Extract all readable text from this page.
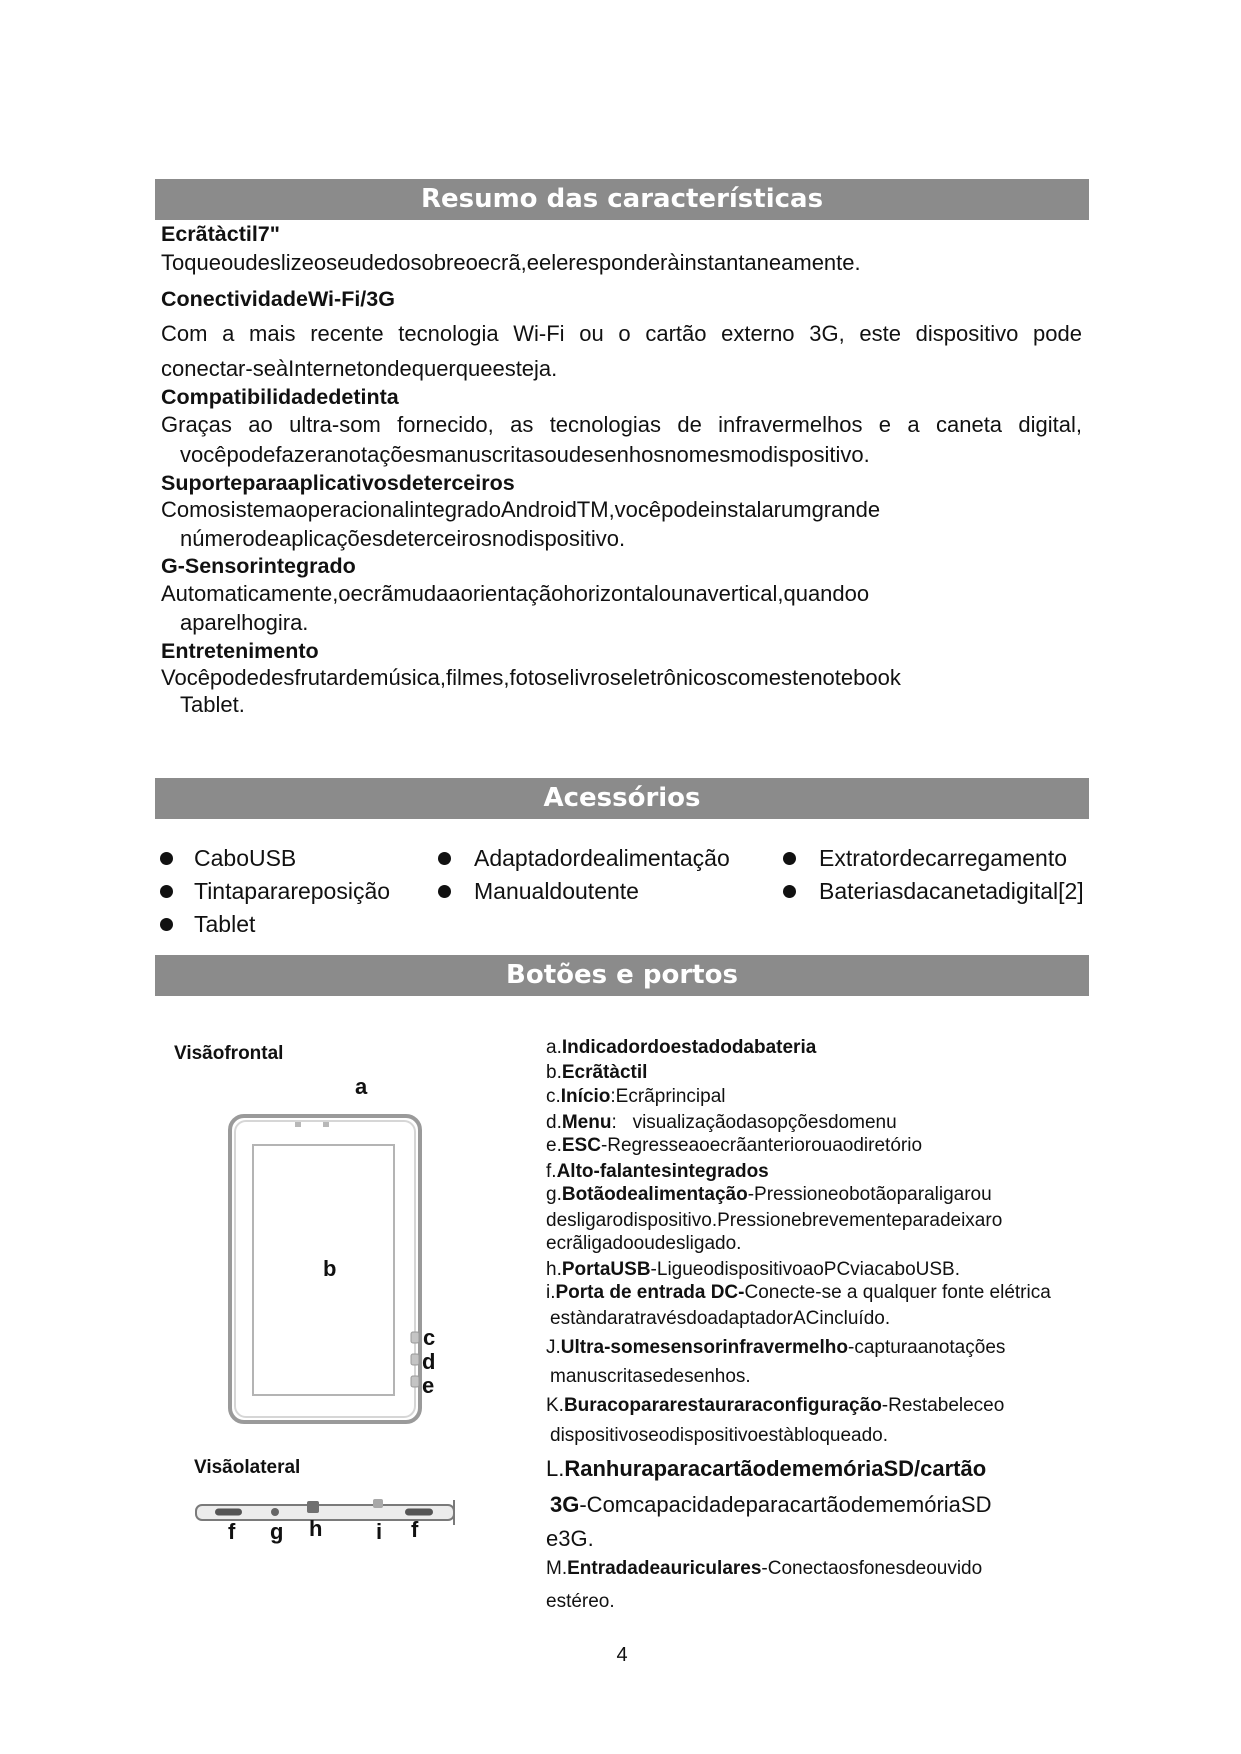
Resumo das características
Ecrãtàctil7"
Toqueoudeslizeoseudedosobreoecrã,eeleresponderàinstantaneamente.
ConectividadeWi-Fi/3G
Com a mais recente tecnologia Wi-Fi ou o cartão externo 3G, este dispositivo pode
conectar-seàInternetondequerqueesteja.
Compatibilidadedetinta
Graças ao ultra-som fornecido, as tecnologias de infravermelhos e a caneta digital,
vocêpodefazeranotaçõesmanuscritasoudesenhosnomesmodispositivo.
Suporteparaaplicativosdeterceiros
ComosistemaoperacionalintegradoAndroidTM,vocêpodeinstalarumgrande
númerodeaplicaçõesdeterceirosnodispositivo.
G-Sensorintegrado
Automaticamente,oecrãmudaaorientaçãohorizontalounavertical,quandoo
aparelhogira.
Entretenimento
Vocêpodedesfrutardemúsica,filmes,fotoselivroseletrônicoscomestenotebook
Tablet.
Acessórios
CaboUSB	Adaptadordealimentação	Extratordecarregamento
Tintaparareposição	Manualdoutente	Bateriasdacanetadigital[2]
Tablet
Botões e portos
Visãofrontal
a
b
c
d
e
Visãolateral
f g h i f
a.Indicadordoestadodabateria
b.Ecrãtàctil
c.Início:Ecrãprincipal
d.Menu:   visualizaçãodasopçõesdomenu
e.ESC-Regresseaoecrãanteriorouaodiretório
f.Alto-falantesintegrados
g.Botãodealimentação-Pressioneobotãoparaligarou
desligarodispositivo.Pressionebrevementeparadeixaro
ecrãligadooudesligado.
h.PortaUSB-LigueodispositivoaoPCviacaboUSB.
i.Porta de entrada DC-Conecte-se a qualquer fonte elétrica
estàndaratravésdoadaptadorACincluído.
J.Ultra-somesensorinfravermelho-capturaanotações
manuscritasedesenhos.
K.Buracopararestauraraconfiguração-Restabeleceo
dispositivoseodispositivoestàbloqueado.
L.RanhuraparacartãodememóriaSD/cartão
3G-ComcapacidadeparacartãodememóriaSD
e3G.
M.Entradadeauriculares-Conectaosfonesdeouvido
estéreo.
4
